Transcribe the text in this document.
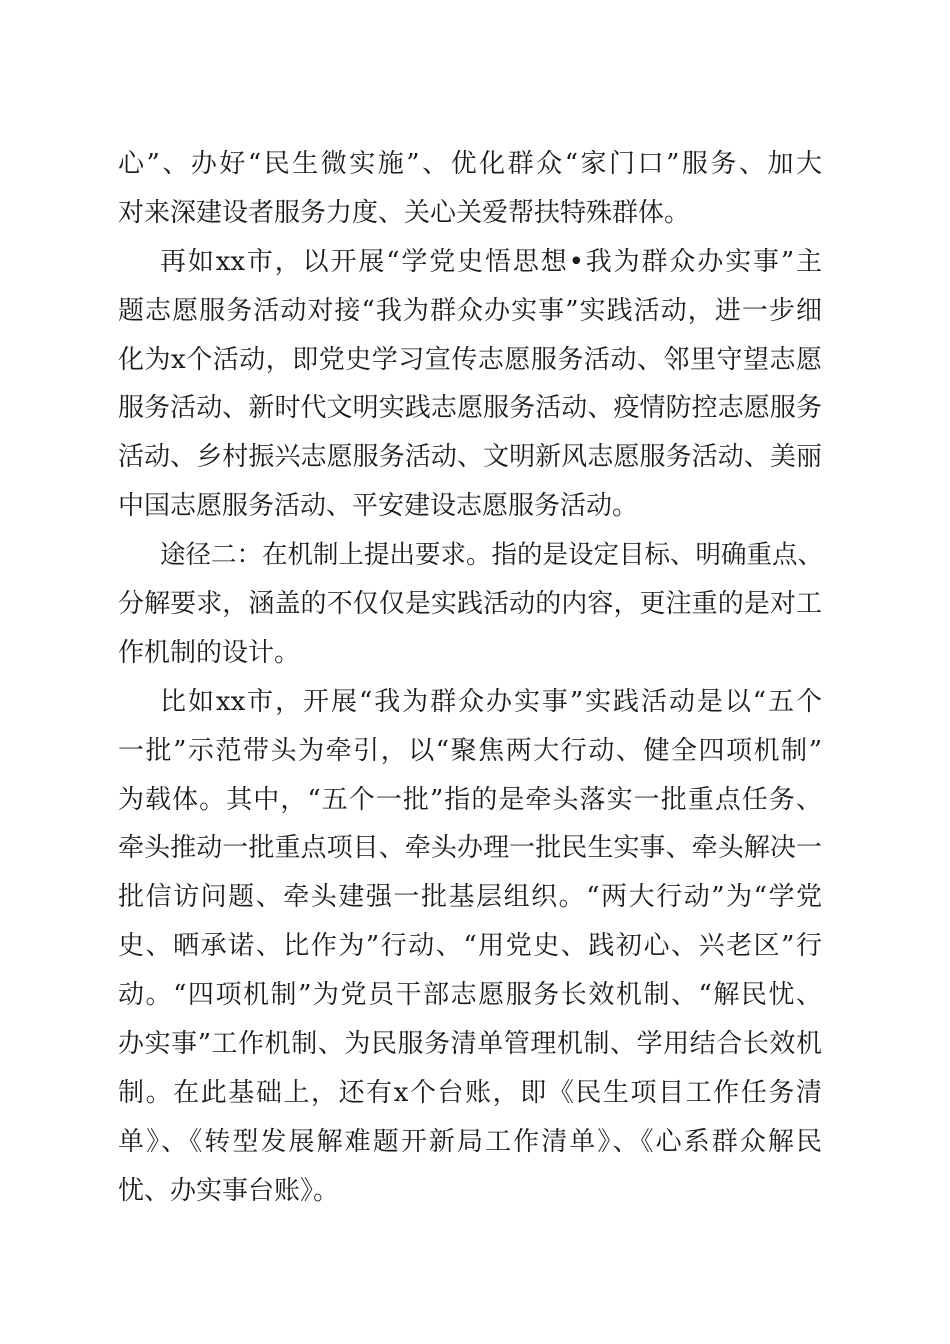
心”、办好“民生微实施”、优化群众“家门口”服务、加大
对来深建设者服务力度、关心关爱帮扶特殊群体。
再如xx市，以开展“学党史悟思想•我为群众办实事”主
题志愿服务活动对接“我为群众办实事”实践活动，进一步细
化为x个活动，即党史学习宣传志愿服务活动、邻里守望志愿
服务活动、新时代文明实践志愿服务活动、疫情防控志愿服务
活动、乡村振兴志愿服务活动、文明新风志愿服务活动、美丽
中国志愿服务活动、平安建设志愿服务活动。
途径二：在机制上提出要求。指的是设定目标、明确重点、
分解要求，涵盖的不仅仅是实践活动的内容，更注重的是对工
作机制的设计。
比如xx市，开展“我为群众办实事”实践活动是以“五个
一批”示范带头为牵引，以“聚焦两大行动、健全四项机制”
为载体。其中，“五个一批”指的是牵头落实一批重点任务、
牵头推动一批重点项目、牵头办理一批民生实事、牵头解决一
批信访问题、牵头建强一批基层组织。“两大行动”为“学党
史、晒承诺、比作为”行动、“用党史、践初心、兴老区”行
动。“四项机制”为党员干部志愿服务长效机制、“解民忧、
办实事”工作机制、为民服务清单管理机制、学用结合长效机
制。在此基础上，还有x个台账，即《民生项目工作任务清
单》、《转型发展解难题开新局工作清单》、《心系群众解民
忧、办实事台账》。
